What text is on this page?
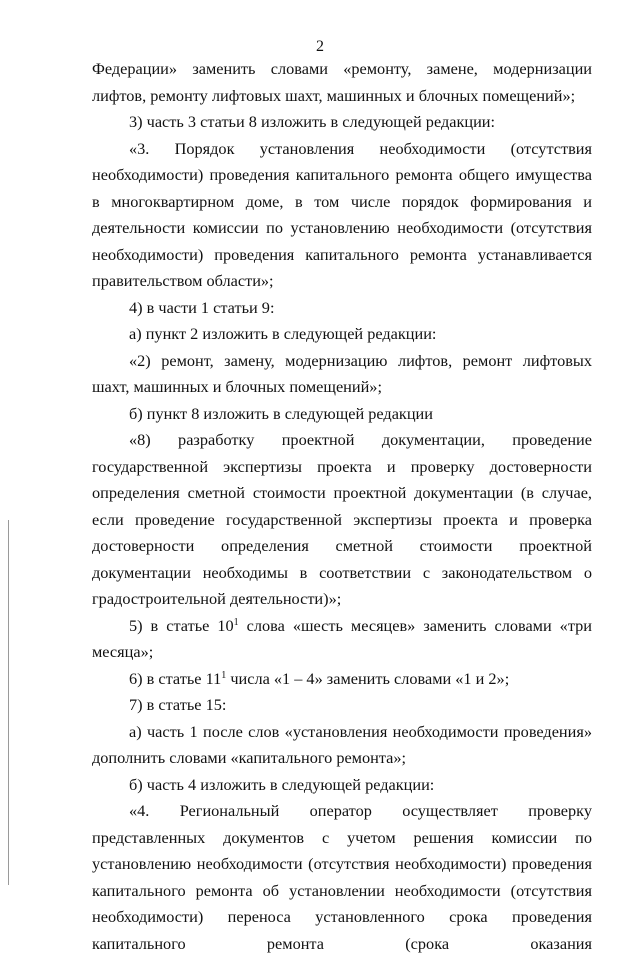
2

Федерации» заменить словами «ремонту, замене, модернизации лифтов, ремонту лифтовых шахт, машинных и блочных помещений»;

3) часть 3 статьи 8 изложить в следующей редакции:

«3. Порядок установления необходимости (отсутствия необходимости) проведения капитального ремонта общего имущества в многоквартирном доме, в том числе порядок формирования и деятельности комиссии по установлению необходимости (отсутствия необходимости) проведения капитального ремонта устанавливается правительством области»;

4) в части 1 статьи 9:

а) пункт 2 изложить в следующей редакции:

«2) ремонт, замену, модернизацию лифтов, ремонт лифтовых шахт, машинных и блочных помещений»;

б) пункт 8 изложить в следующей редакции

«8) разработку проектной документации, проведение государственной экспертизы проекта и проверку достоверности определения сметной стоимости проектной документации (в случае, если проведение государственной экспертизы проекта и проверка достоверности определения сметной стоимости проектной документации необходимы в соответствии с законодательством о градостроительной деятельности)»;

5) в статье $10^1$ слова «шесть месяцев» заменить словами «три месяца»;

6) в статье $11^1$ числа «1 – 4» заменить словами «1 и 2»;

7) в статье 15:

а) часть 1 после слов «установления необходимости проведения» дополнить словами «капитального ремонта»;

б) часть 4 изложить в следующей редакции:

«4. Региональный оператор осуществляет проверку представленных документов с учетом решения комиссии по установлению необходимости (отсутствия необходимости) проведения капитального ремонта об установлении необходимости (отсутствия необходимости) переноса установленного срока проведения капитального ремонта (срока оказания
